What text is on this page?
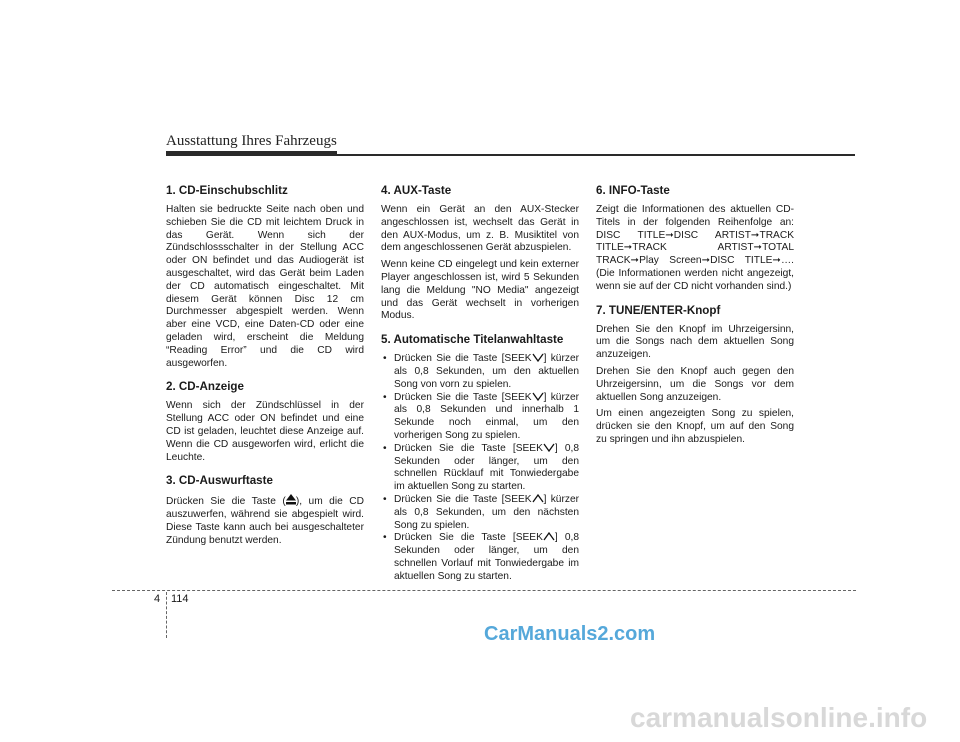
Ausstattung Ihres Fahrzeugs
1. CD-Einschubschlitz

Halten sie bedruckte Seite nach oben und schieben Sie die CD mit leichtem Druck in das Gerät. Wenn sich der Zündschlossschalter in der Stellung ACC oder ON befindet und das Audiogerät ist ausgeschaltet, wird das Gerät beim Laden der CD automatisch eingeschaltet. Mit diesem Gerät können Disc 12 cm Durchmesser abgespielt werden. Wenn aber eine VCD, eine Daten-CD oder eine geladen wird, erscheint die Meldung “Reading Error” und die CD wird ausgeworfen.

2. CD-Anzeige

Wenn sich der Zündschlüssel in der Stellung ACC oder ON befindet und eine CD ist geladen, leuchtet diese Anzeige auf. Wenn die CD ausgeworfen wird, erlicht die Leuchte.

3. CD-Auswurftaste

Drücken Sie die Taste ( ), um die CD auszuwerfen, während sie abgespielt wird. Diese Taste kann auch bei ausgeschalteter Zündung benutzt werden.

4. AUX-Taste

Wenn ein Gerät an den AUX-Stecker angeschlossen ist, wechselt das Gerät in den AUX-Modus, um z. B. Musiktitel von dem angeschlossenen Gerät abzuspielen.

Wenn keine CD eingelegt und kein externer Player angeschlossen ist, wird 5 Sekunden lang die Meldung "NO Media" angezeigt und das Gerät wechselt in vorherigen Modus.

5. Automatische Titelanwahltaste
• Drücken Sie die Taste [SEEK ] kürzer als 0,8 Sekunden, um den aktuellen Song von vorn zu spielen.
• Drücken Sie die Taste [SEEK ] kürzer als 0,8 Sekunden und innerhalb 1 Sekunde noch einmal, um den vorherigen Song zu spielen.
• Drücken Sie die Taste [SEEK ] 0,8 Sekunden oder länger, um den schnellen Rücklauf mit Tonwiedergabe im aktuellen Song zu starten.
• Drücken Sie die Taste [SEEK ] kürzer als 0,8 Sekunden, um den nächsten Song zu spielen.
• Drücken Sie die Taste [SEEK ] 0,8 Sekunden oder länger, um den schnellen Vorlauf mit Tonwiedergabe im aktuellen Song zu starten.
6. INFO-Taste

Zeigt die Informationen des aktuellen CD-Titels in der folgenden Reihenfolge an: DISC TITLE➞DISC ARTIST➞TRACK TITLE➞TRACK ARTIST➞TOTAL TRACK➞Play Screen➞DISC TITLE➞….(Die Informationen werden nicht angezeigt, wenn sie auf der CD nicht vorhanden sind.)

7. TUNE/ENTER-Knopf

Drehen Sie den Knopf im Uhrzeigersinn, um die Songs nach dem aktuellen Song anzuzeigen.

Drehen Sie den Knopf auch gegen den Uhrzeigersinn, um die Songs vor dem aktuellen Song anzuzeigen.

Um einen angezeigten Song zu spielen, drücken sie den Knopf, um auf den Song zu springen und ihn abzuspielen.

4 114
CarManuals2.com
carmanualsonline.info
